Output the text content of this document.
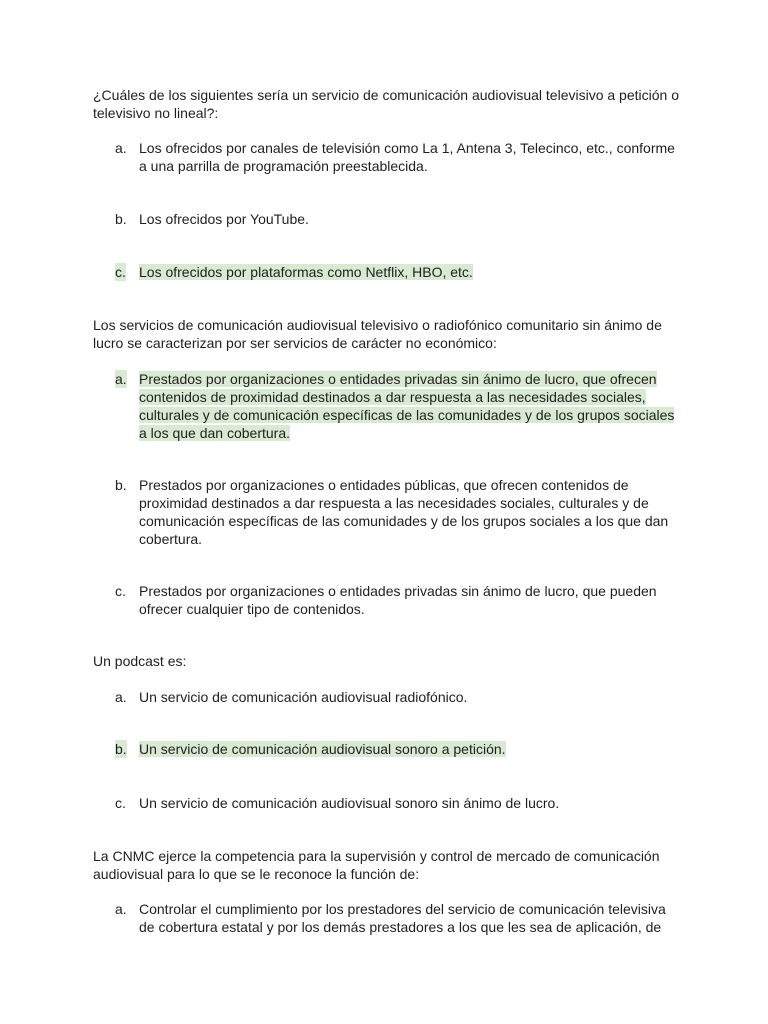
¿Cuáles de los siguientes sería un servicio de comunicación audiovisual televisivo a petición o televisivo no lineal?:

a. Los ofrecidos por canales de televisión como La 1, Antena 3, Telecinco, etc., conforme a una parrilla de programación preestablecida.
b. Los ofrecidos por YouTube.
c. Los ofrecidos por plataformas como Netflix, HBO, etc.

Los servicios de comunicación audiovisual televisivo o radiofónico comunitario sin ánimo de lucro se caracterizan por ser servicios de carácter no económico:

a. Prestados por organizaciones o entidades privadas sin ánimo de lucro, que ofrecen contenidos de proximidad destinados a dar respuesta a las necesidades sociales, culturales y de comunicación específicas de las comunidades y de los grupos sociales a los que dan cobertura.
b. Prestados por organizaciones o entidades públicas, que ofrecen contenidos de proximidad destinados a dar respuesta a las necesidades sociales, culturales y de comunicación específicas de las comunidades y de los grupos sociales a los que dan cobertura.
c. Prestados por organizaciones o entidades privadas sin ánimo de lucro, que pueden ofrecer cualquier tipo de contenidos.

Un podcast es:

a. Un servicio de comunicación audiovisual radiofónico.
b. Un servicio de comunicación audiovisual sonoro a petición.
c. Un servicio de comunicación audiovisual sonoro sin ánimo de lucro.

La CNMC ejerce la competencia para la supervisión y control de mercado de comunicación audiovisual para lo que se le reconoce la función de:

a. Controlar el cumplimiento por los prestadores del servicio de comunicación televisiva de cobertura estatal y por los demás prestadores a los que les sea de aplicación, de
